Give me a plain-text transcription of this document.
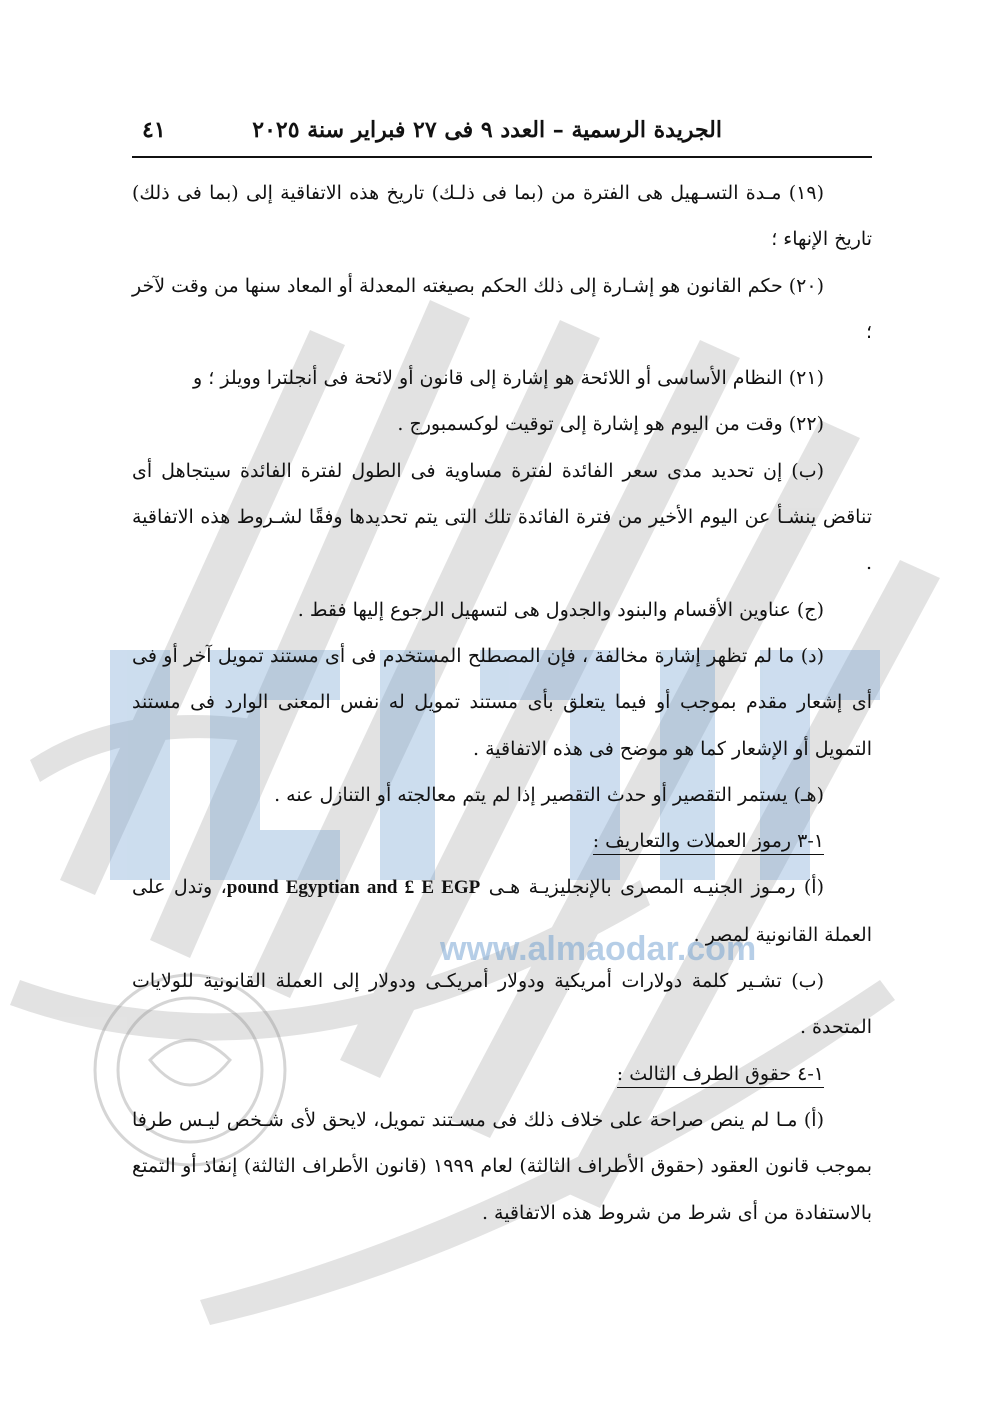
www.almaodar.com
الجريدة الرسمية – العدد ٩ فى ٢٧ فبراير سنة ٢٠٢٥
٤١

(١٩) مـدة التسـهيل هى الفترة من (بما فى ذلـك) تاريخ هذه الاتفاقية إلى (بما فى ذلك) تاريخ الإنهاء ؛

(٢٠) حكم القانون هو إشـارة إلى ذلك الحكم بصيغته المعدلة أو المعاد سنها من وقت لآخر ؛

(٢١) النظام الأساسى أو اللائحة هو إشارة إلى قانون أو لائحة فى أنجلترا وويلز ؛ و

(٢٢) وقت من اليوم هو إشارة إلى توقيت لوكسمبورج .

(ب) إن تحديد مدى سعر الفائدة لفترة مساوية فى الطول لفترة الفائدة سيتجاهل أى تناقض ينشـأ عن اليوم الأخير من فترة الفائدة تلك التى يتم تحديدها وفقًا لشـروط هذه الاتفاقية .

(ج) عناوين الأقسام والبنود والجدول هى لتسهيل الرجوع إليها فقط .

(د) ما لم تظهر إشارة مخالفة ، فإن المصطلح المستخدم فى أى مستند تمويل آخر أو فى أى إشعار مقدم بموجب أو فيما يتعلق بأى مستند تمويل له نفس المعنى الوارد فى مستند التمويل أو الإشعار كما هو موضح فى هذه الاتفاقية .

(هـ) يستمر التقصير أو حدث التقصير إذا لم يتم معالجته أو التنازل عنه .

١-٣ رموز العملات والتعاريف :

(أ) رمـوز الجنيـه المصرى بالإنجليزيـة هـى pound Egyptian and £ E EGP، وتدل على العملة القانونية لمصر .

(ب) تشـير كلمة دولارات أمريكية ودولار أمريكـى ودولار إلى العملة القانونية للولايات المتحدة .

١-٤ حقوق الطرف الثالث :

(أ) مـا لم ينص صراحة على خلاف ذلك فى مسـتند تمويل، لايحق لأى شـخص ليـس طرفا بموجب قانون العقود (حقوق الأطراف الثالثة) لعام ١٩٩٩ (قانون الأطراف الثالثة) إنفاذ أو التمتع بالاستفادة من أى شرط من شروط هذه الاتفاقية .
